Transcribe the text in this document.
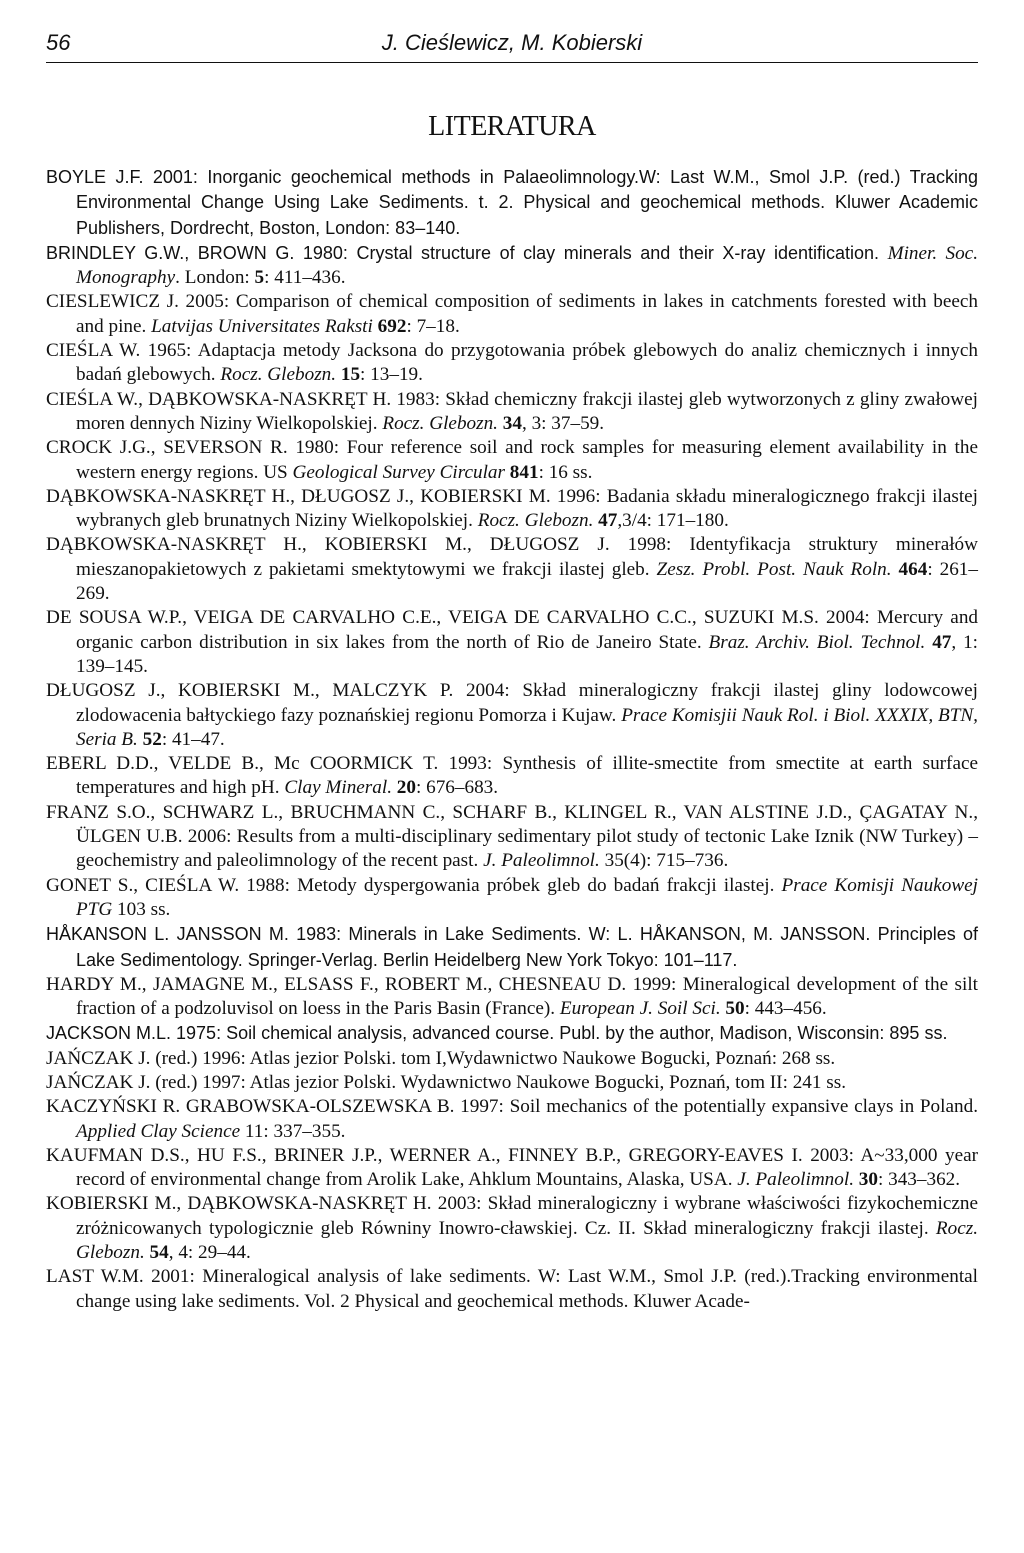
56	J. Cieślewicz, M. Kobierski
LITERATURA

BOYLE J.F. 2001: Inorganic geochemical methods in Palaeolimnology.W: Last W.M., Smol J.P. (red.) Tracking Environmental Change Using Lake Sediments. t. 2. Physical and geochemical methods. Kluwer Academic Publishers, Dordrecht, Boston, London: 83–140.

BRINDLEY G.W., BROWN G. 1980: Crystal structure of clay minerals and their X-ray identification. Miner. Soc. Monography. London: 5: 411–436.

CIESLEWICZ J. 2005: Comparison of chemical composition of sediments in lakes in catchments forested with beech and pine. Latvijas Universitates Raksti 692: 7–18.

CIEŚLA W. 1965: Adaptacja metody Jacksona do przygotowania próbek glebowych do analiz chemicznych i innych badań glebowych. Rocz. Glebozn. 15: 13–19.

CIEŚLA W., DĄBKOWSKA-NASKRĘT H. 1983: Skład chemiczny frakcji ilastej gleb wytworzonych z gliny zwałowej moren dennych Niziny Wielkopolskiej. Rocz. Glebozn. 34, 3: 37–59.

CROCK J.G., SEVERSON R. 1980: Four reference soil and rock samples for measuring element availability in the western energy regions. US Geological Survey Circular 841: 16 ss.

DĄBKOWSKA-NASKRĘT H., DŁUGOSZ J., KOBIERSKI M. 1996: Badania składu mineralogicznego frakcji ilastej wybranych gleb brunatnych Niziny Wielkopolskiej. Rocz. Glebozn. 47,3/4: 171–180.

DĄBKOWSKA-NASKRĘT H., KOBIERSKI M., DŁUGOSZ J. 1998: Identyfikacja struktury minerałów mieszanopakietowych z pakietami smektytowymi we frakcji ilastej gleb. Zesz. Probl. Post. Nauk Roln. 464: 261–269.

DE SOUSA W.P., VEIGA DE CARVALHO C.E., VEIGA DE CARVALHO C.C., SUZUKI M.S. 2004: Mercury and organic carbon distribution in six lakes from the north of Rio de Janeiro State. Braz. Archiv. Biol. Technol. 47, 1: 139–145.

DŁUGOSZ J., KOBIERSKI M., MALCZYK P. 2004: Skład mineralogiczny frakcji ilastej gliny lodowcowej zlodowacenia bałtyckiego fazy poznańskiej regionu Pomorza i Kujaw. Prace Komisjii Nauk Rol. i Biol. XXXIX, BTN, Seria B. 52: 41–47.

EBERL D.D., VELDE B., Mc COORMICK T. 1993: Synthesis of illite-smectite from smectite at earth surface temperatures and high pH. Clay Mineral. 20: 676–683.

FRANZ S.O., SCHWARZ L., BRUCHMANN C., SCHARF B., KLINGEL R., VAN ALSTINE J.D., ÇAGATAY N., ÜLGEN U.B. 2006: Results from a multi-disciplinary sedimentary pilot study of tectonic Lake Iznik (NW Turkey) – geochemistry and paleolimnology of the recent past. J. Paleolimnol. 35(4): 715–736.

GONET S., CIEŚLA W. 1988: Metody dyspergowania próbek gleb do badań frakcji ilastej. Prace Komisji Naukowej PTG 103 ss.

HÅKANSON L. JANSSON M. 1983: Minerals in Lake Sediments. W: L. HÅKANSON, M. JANSSON. Principles of Lake Sedimentology. Springer-Verlag. Berlin Heidelberg New York Tokyo: 101–117.

HARDY M., JAMAGNE M., ELSASS F., ROBERT M., CHESNEAU D. 1999: Mineralogical development of the silt fraction of a podzoluvisol on loess in the Paris Basin (France). European J. Soil Sci. 50: 443–456.

JACKSON M.L. 1975: Soil chemical analysis, advanced course. Publ. by the author, Madison, Wisconsin: 895 ss.

JAŃCZAK J. (red.) 1996: Atlas jezior Polski. tom I,Wydawnictwo Naukowe Bogucki, Poznań: 268 ss.

JAŃCZAK J. (red.) 1997: Atlas jezior Polski. Wydawnictwo Naukowe Bogucki, Poznań, tom II: 241 ss.

KACZYŃSKI R. GRABOWSKA-OLSZEWSKA B. 1997: Soil mechanics of the potentially expansive clays in Poland. Applied Clay Science 11: 337–355.

KAUFMAN D.S., HU F.S., BRINER J.P., WERNER A., FINNEY B.P., GREGORY-EAVES I. 2003: A~33,000 year record of environmental change from Arolik Lake, Ahklum Mountains, Alaska, USA. J. Paleolimnol. 30: 343–362.

KOBIERSKI M., DĄBKOWSKA-NASKRĘT H. 2003: Skład mineralogiczny i wybrane właściwości fizykochemiczne zróżnicowanych typologicznie gleb Równiny Inowro-cławskiej. Cz. II. Skład mineralogiczny frakcji ilastej. Rocz. Glebozn. 54, 4: 29–44.

LAST W.M. 2001: Mineralogical analysis of lake sediments. W: Last W.M., Smol J.P. (red.).Tracking environmental change using lake sediments. Vol. 2 Physical and geochemical methods. Kluwer Acade-
